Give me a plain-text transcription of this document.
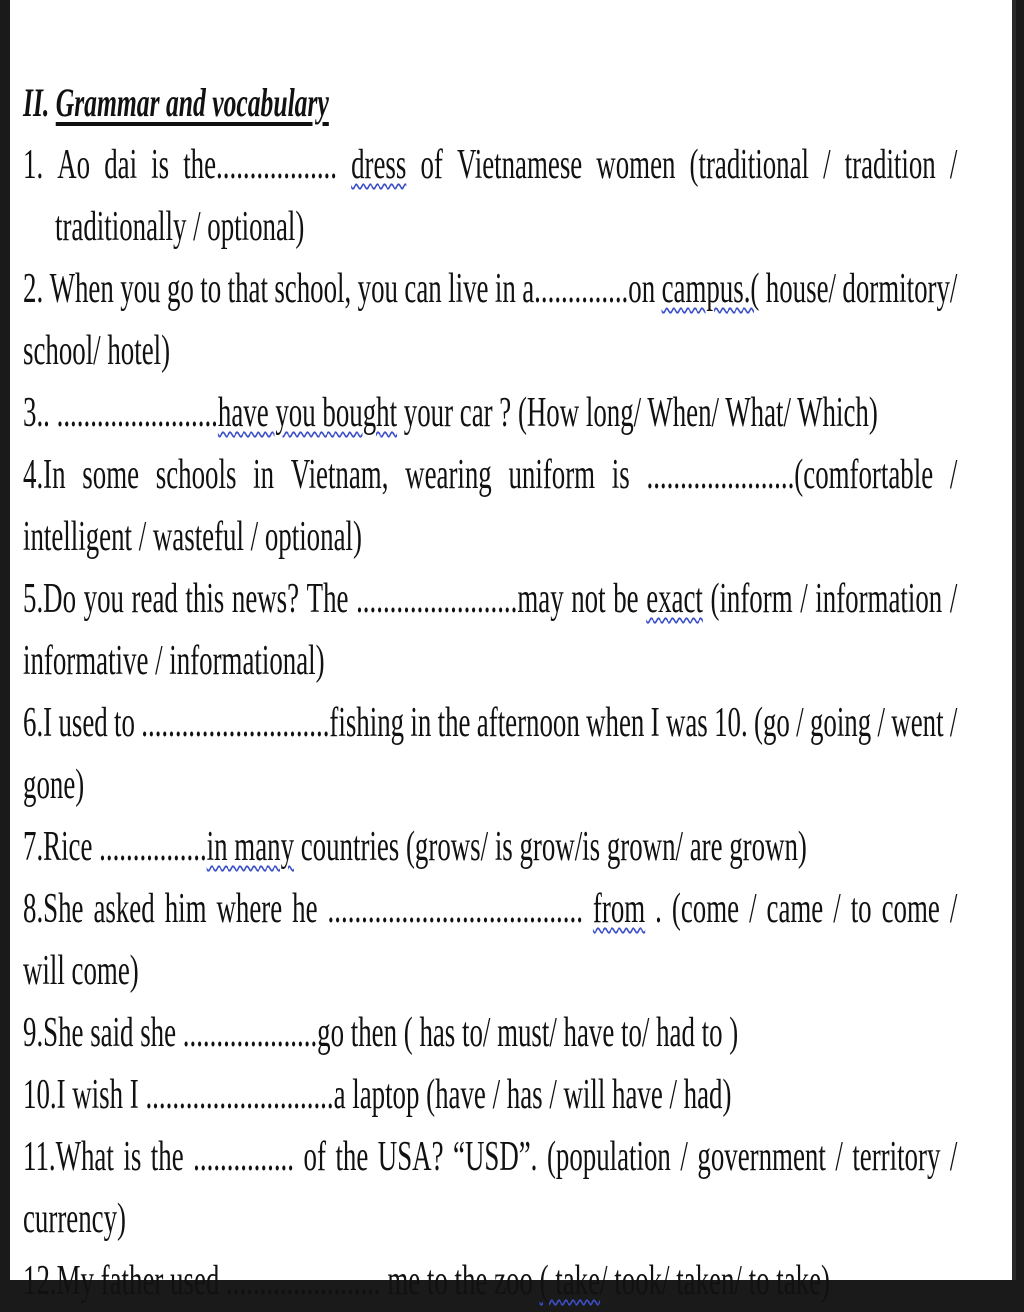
II. Grammar and vocabulary
1. Ao dai is the.................. dress of Vietnamese women (traditional / tradition /
traditionally / optional)
2. When you go to that school, you can live in a..............on campus.( house/ dormitory/
school/ hotel)
3.. ........................have you bought your car ? (How long/ When/ What/ Which)
4.In some schools in Vietnam, wearing uniform is ......................(comfortable /
intelligent / wasteful / optional)
5.Do you read this news? The ........................may not be exact (inform / information /
informative / informational)
6.I used to ............................fishing in the afternoon when I was 10. (go / going / went /
gone)
7.Rice ................in many countries (grows/ is grow/is grown/ are grown)
8.She asked him where he ...................................... from . (come / came / to come /
will come)
9.She said she ....................go then ( has to/ must/ have to/ had to )
10.I wish I ............................a laptop (have / has / will have / had)
11.What is the ............... of the USA? “USD”. (population / government / territory /
currency)
12.My father used ....................... me to the zoo ( take/ took/ taken/ to take)
